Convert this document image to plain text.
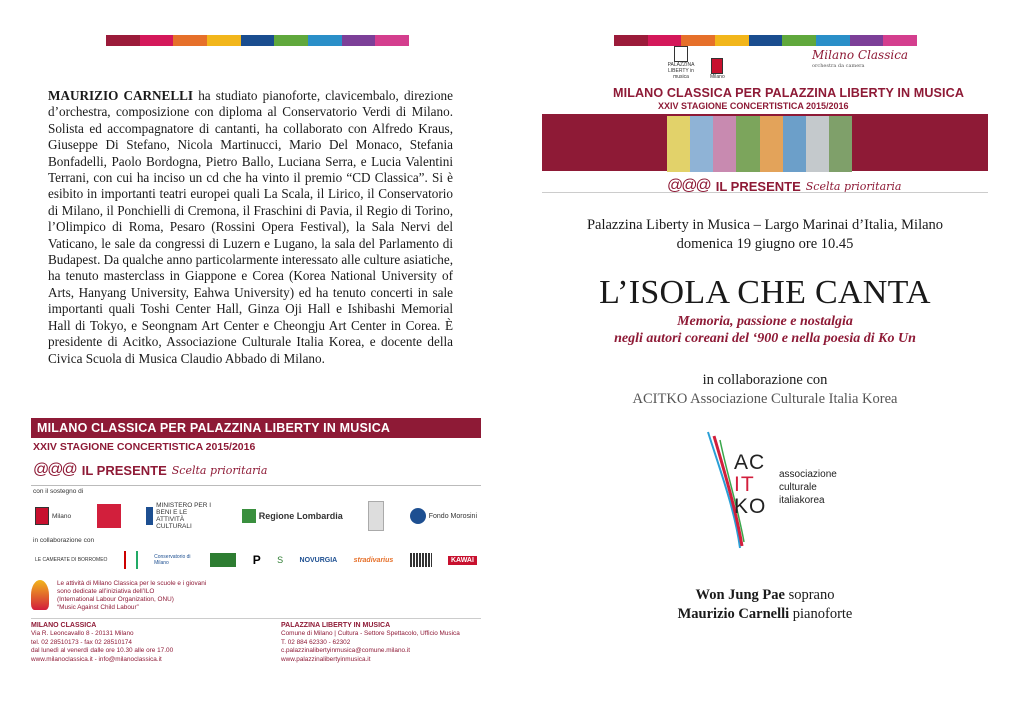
MAURIZIO CARNELLI ha studiato pianoforte, clavicembalo, direzione d’orchestra, composizione con diploma al Conservatorio Verdi di Milano. Solista ed accompagnatore di cantanti, ha collaborato con Alfredo Kraus, Giuseppe Di Stefano, Nicola Martinucci, Mario Del Monaco, Stefania Bonfadelli, Paolo Bordogna, Pietro Ballo, Luciana Serra, e Lucia Valentini Terrani, con cui ha inciso un cd che ha vinto il premio “CD Classica”. Si è esibito in importanti teatri europei quali La Scala, il Lirico, il Conservatorio di Milano, il Ponchielli di Cremona, il Fraschini di Pavia, il Regio di Torino, l’Olimpico di Roma, Pesaro (Rossini Opera Festival), la Sala Nervi del Vaticano, le sale da congressi di Luzern e Lugano, la sala del Parlamento di Budapest. Da qualche anno particolarmente interessato alle culture asiatiche, ha tenuto masterclass in Giappone e Corea (Korea National University of Arts, Hanyang University, Eahwa University) ed ha tenuto concerti in sale importanti quali Toshi Center Hall, Ginza Oji Hall e Ishibashi Memorial Hall di Tokyo, e Seongnam Art Center e Cheongju Art Center in Corea. È presidente di Acitko, Associazione Culturale Italia Korea, e docente della Civica Scuola di Musica Claudio Abbado di Milano.
MILANO CLASSICA PER PALAZZINA LIBERTY IN MUSICA
XXIV STAGIONE CONCERTISTICA 2015/2016
@@@ IL PRESENTE Scelta prioritaria
con il sostegno di
Milano
MINISTERO PER I BENI E LE ATTIVITÀ CULTURALI
Regione Lombardia	Fondo Morosini
in collaborazione con
LE CAMERATE DI BORROMEO	Conservatorio di Milano	P S NOVURGIA stradivarius	KAWAI
Le attività di Milano Classica per le scuole e i giovani
sono dedicate all’iniziativa dell’ILO
(International Labour Organization, ONU)
“Music Against Child Labour”
MILANO CLASSICA
Via R. Leoncavallo 8 - 20131 Milano
tel. 02 28510173 - fax 02 28510174
dal lunedì al venerdì dalle ore 10.30 alle ore 17.00
www.milanoclassica.it - info@milanoclassica.it
PALAZZINA LIBERTY IN MUSICA
Comune di Milano | Cultura - Settore Spettacolo, Ufficio Musica
T. 02 884 62330 - 62302
c.palazzinalibertyinmusica@comune.milano.it
www.palazzinalibertyinmusica.it
PALAZZINA LIBERTY in musica	Milano
Milano Classica
orchestra da camera
MILANO CLASSICA PER PALAZZINA LIBERTY IN MUSICA
XXIV STAGIONE CONCERTISTICA 2015/2016
@@@ IL PRESENTE Scelta prioritaria
Palazzina Liberty in Musica – Largo Marinai d’Italia, Milano
domenica 19 giugno ore 10.45
L’ISOLA CHE CANTA
Memoria, passione e nostalgia
negli autori coreani del ‘900 e nella poesia di Ko Un
in collaborazione con
ACITKO Associazione Culturale Italia Korea
AC
IT
KO
associazione
culturale
italiakorea
Won Jung Pae soprano
Maurizio Carnelli pianoforte
